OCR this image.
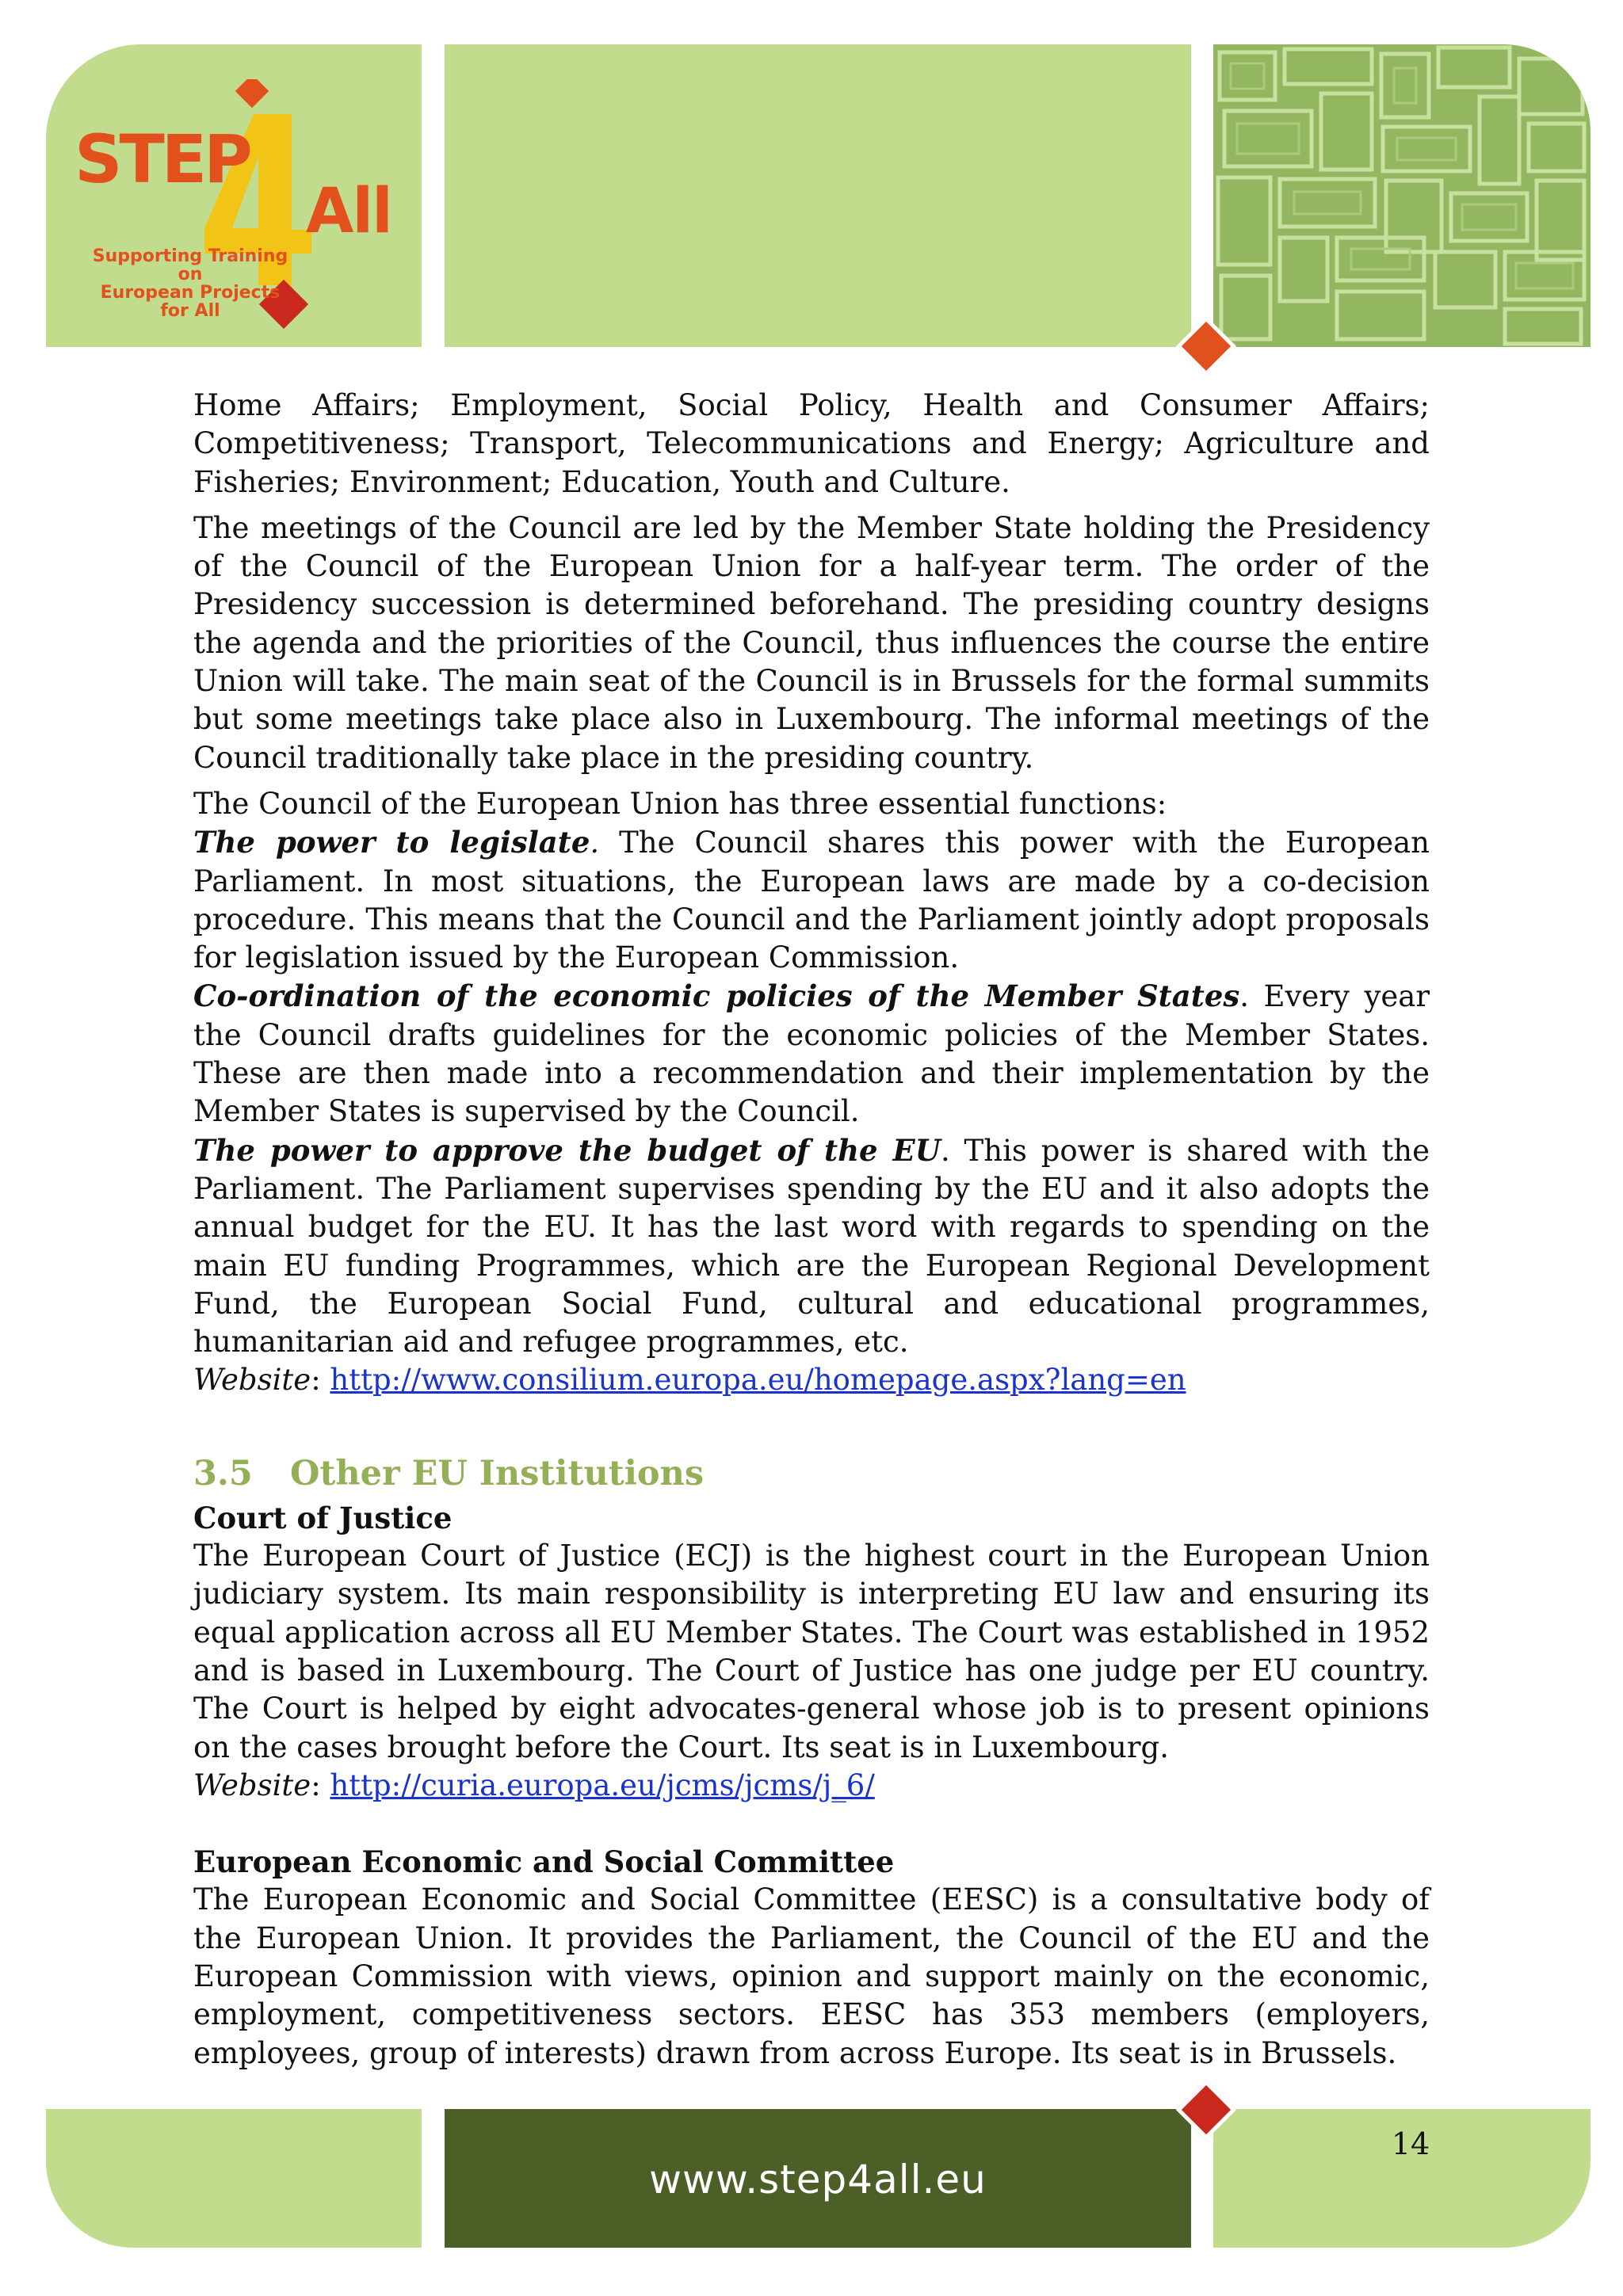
STEP
All
Supporting Training on
European Projects for All

Home Affairs; Employment, Social Policy, Health and Consumer Affairs; Competitiveness; Transport, Telecommunications and Energy; Agriculture and Fisheries; Environment; Education, Youth and Culture.

The meetings of the Council are led by the Member State holding the Presidency of the Council of the European Union for a half-year term. The order of the Presidency succession is determined beforehand. The presiding country designs the agenda and the priorities of the Council, thus influences the course the entire Union will take. The main seat of the Council is in Brussels for the formal summits but some meetings take place also in Luxembourg. The informal meetings of the Council traditionally take place in the presiding country.

The Council of the European Union has three essential functions:

The power to legislate. The Council shares this power with the European Parliament. In most situations, the European laws are made by a co-decision procedure. This means that the Council and the Parliament jointly adopt proposals for legislation issued by the European Commission.

Co-ordination of the economic policies of the Member States. Every year the Council drafts guidelines for the economic policies of the Member States. These are then made into a recommendation and their implementation by the Member States is supervised by the Council.

The power to approve the budget of the EU. This power is shared with the Parliament. The Parliament supervises spending by the EU and it also adopts the annual budget for the EU. It has the last word with regards to spending on the main EU funding Programmes, which are the European Regional Development Fund, the European Social Fund, cultural and educational programmes, humanitarian aid and refugee programmes, etc.

Website: http://www.consilium.europa.eu/homepage.aspx?lang=en

3.5 Other EU Institutions

Court of Justice

The European Court of Justice (ECJ) is the highest court in the European Union judiciary system. Its main responsibility is interpreting EU law and ensuring its equal application across all EU Member States. The Court was established in 1952 and is based in Luxembourg. The Court of Justice has one judge per EU country. The Court is helped by eight advocates-general whose job is to present opinions on the cases brought before the Court. Its seat is in Luxembourg.

Website: http://curia.europa.eu/jcms/jcms/j_6/

European Economic and Social Committee

The European Economic and Social Committee (EESC) is a consultative body of the European Union. It provides the Parliament, the Council of the EU and the European Commission with views, opinion and support mainly on the economic, employment, competitiveness sectors. EESC has 353 members (employers, employees, group of interests) drawn from across Europe. Its seat is in Brussels.

www.step4all.eu
14
